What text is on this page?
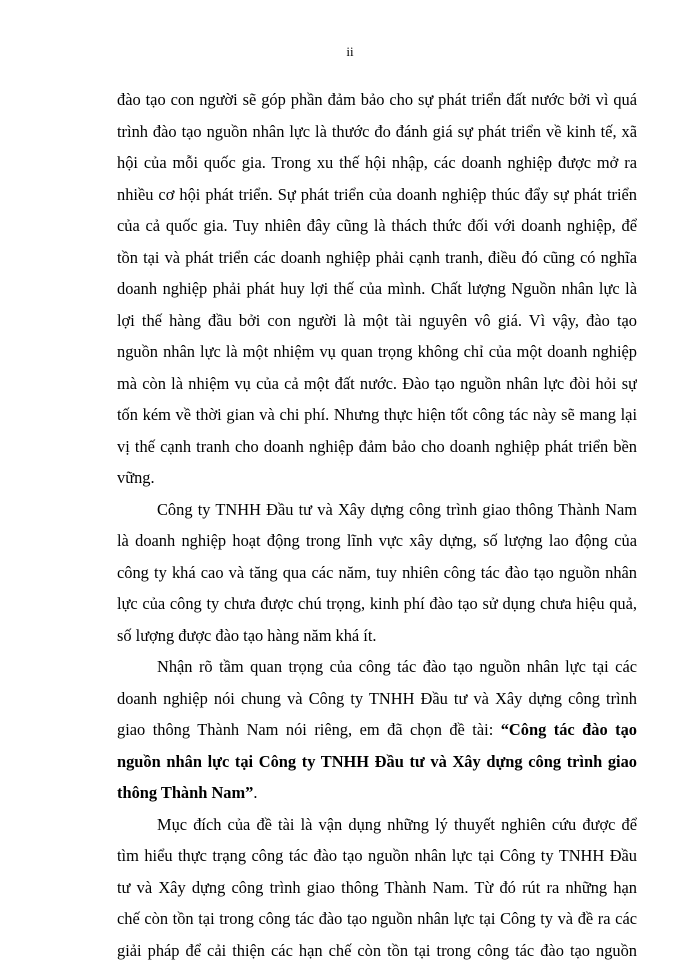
ii
đào tạo con người sẽ góp phần đảm bảo cho sự phát triển đất nước bởi vì quá
trình đào tạo nguồn nhân lực là thước đo đánh giá sự phát triển về kinh tế, xã
hội của mỗi quốc gia. Trong xu thế hội nhập, các doanh nghiệp được mở ra
nhiều cơ hội phát triển. Sự phát triển của doanh nghiệp thúc đẩy sự phát triển
của cả quốc gia. Tuy nhiên đây cũng là thách thức đối với doanh nghiệp, để
tồn tại và phát triển các doanh nghiệp phải cạnh tranh, điều đó cũng có nghĩa
doanh nghiệp phải phát huy lợi thế của mình. Chất lượng Nguồn nhân lực là
lợi thế hàng đầu bởi con người là một tài nguyên vô giá. Vì vậy, đào tạo
nguồn nhân lực là một nhiệm vụ quan trọng không chỉ của một doanh nghiệp
mà còn là nhiệm vụ của cả một đất nước. Đào tạo nguồn nhân lực đòi hỏi sự
tốn kém về thời gian và chi phí. Nhưng thực hiện tốt công tác này sẽ mang lại
vị thế cạnh tranh cho doanh nghiệp đảm bảo cho doanh nghiệp phát triển bền
vững.
Công ty TNHH Đầu tư và Xây dựng công trình giao thông Thành Nam
là doanh nghiệp hoạt động trong lĩnh vực xây dựng, số lượng lao động của
công ty khá cao và tăng qua các năm, tuy nhiên công tác đào tạo nguồn nhân
lực của công ty chưa được chú trọng, kinh phí đào tạo sử dụng chưa hiệu quả,
số lượng được đào tạo hàng năm khá ít.
Nhận rõ tầm quan trọng của công tác đào tạo nguồn nhân lực tại các
doanh nghiệp nói chung và Công ty TNHH Đầu tư và Xây dựng công trình
giao thông Thành Nam nói riêng, em đã chọn đề tài: “Công tác đào tạo
nguồn nhân lực tại Công ty TNHH Đầu tư và Xây dựng công trình giao
thông Thành Nam”.
Mục đích của đề tài là vận dụng những lý thuyết nghiên cứu được để
tìm hiểu thực trạng công tác đào tạo nguồn nhân lực tại Công ty TNHH Đầu
tư và Xây dựng công trình giao thông Thành Nam. Từ đó rút ra những hạn
chế còn tồn tại trong công tác đào tạo nguồn nhân lực tại Công ty và đề ra các
giải pháp để cải thiện các hạn chế còn tồn tại trong công tác đào tạo nguồn
